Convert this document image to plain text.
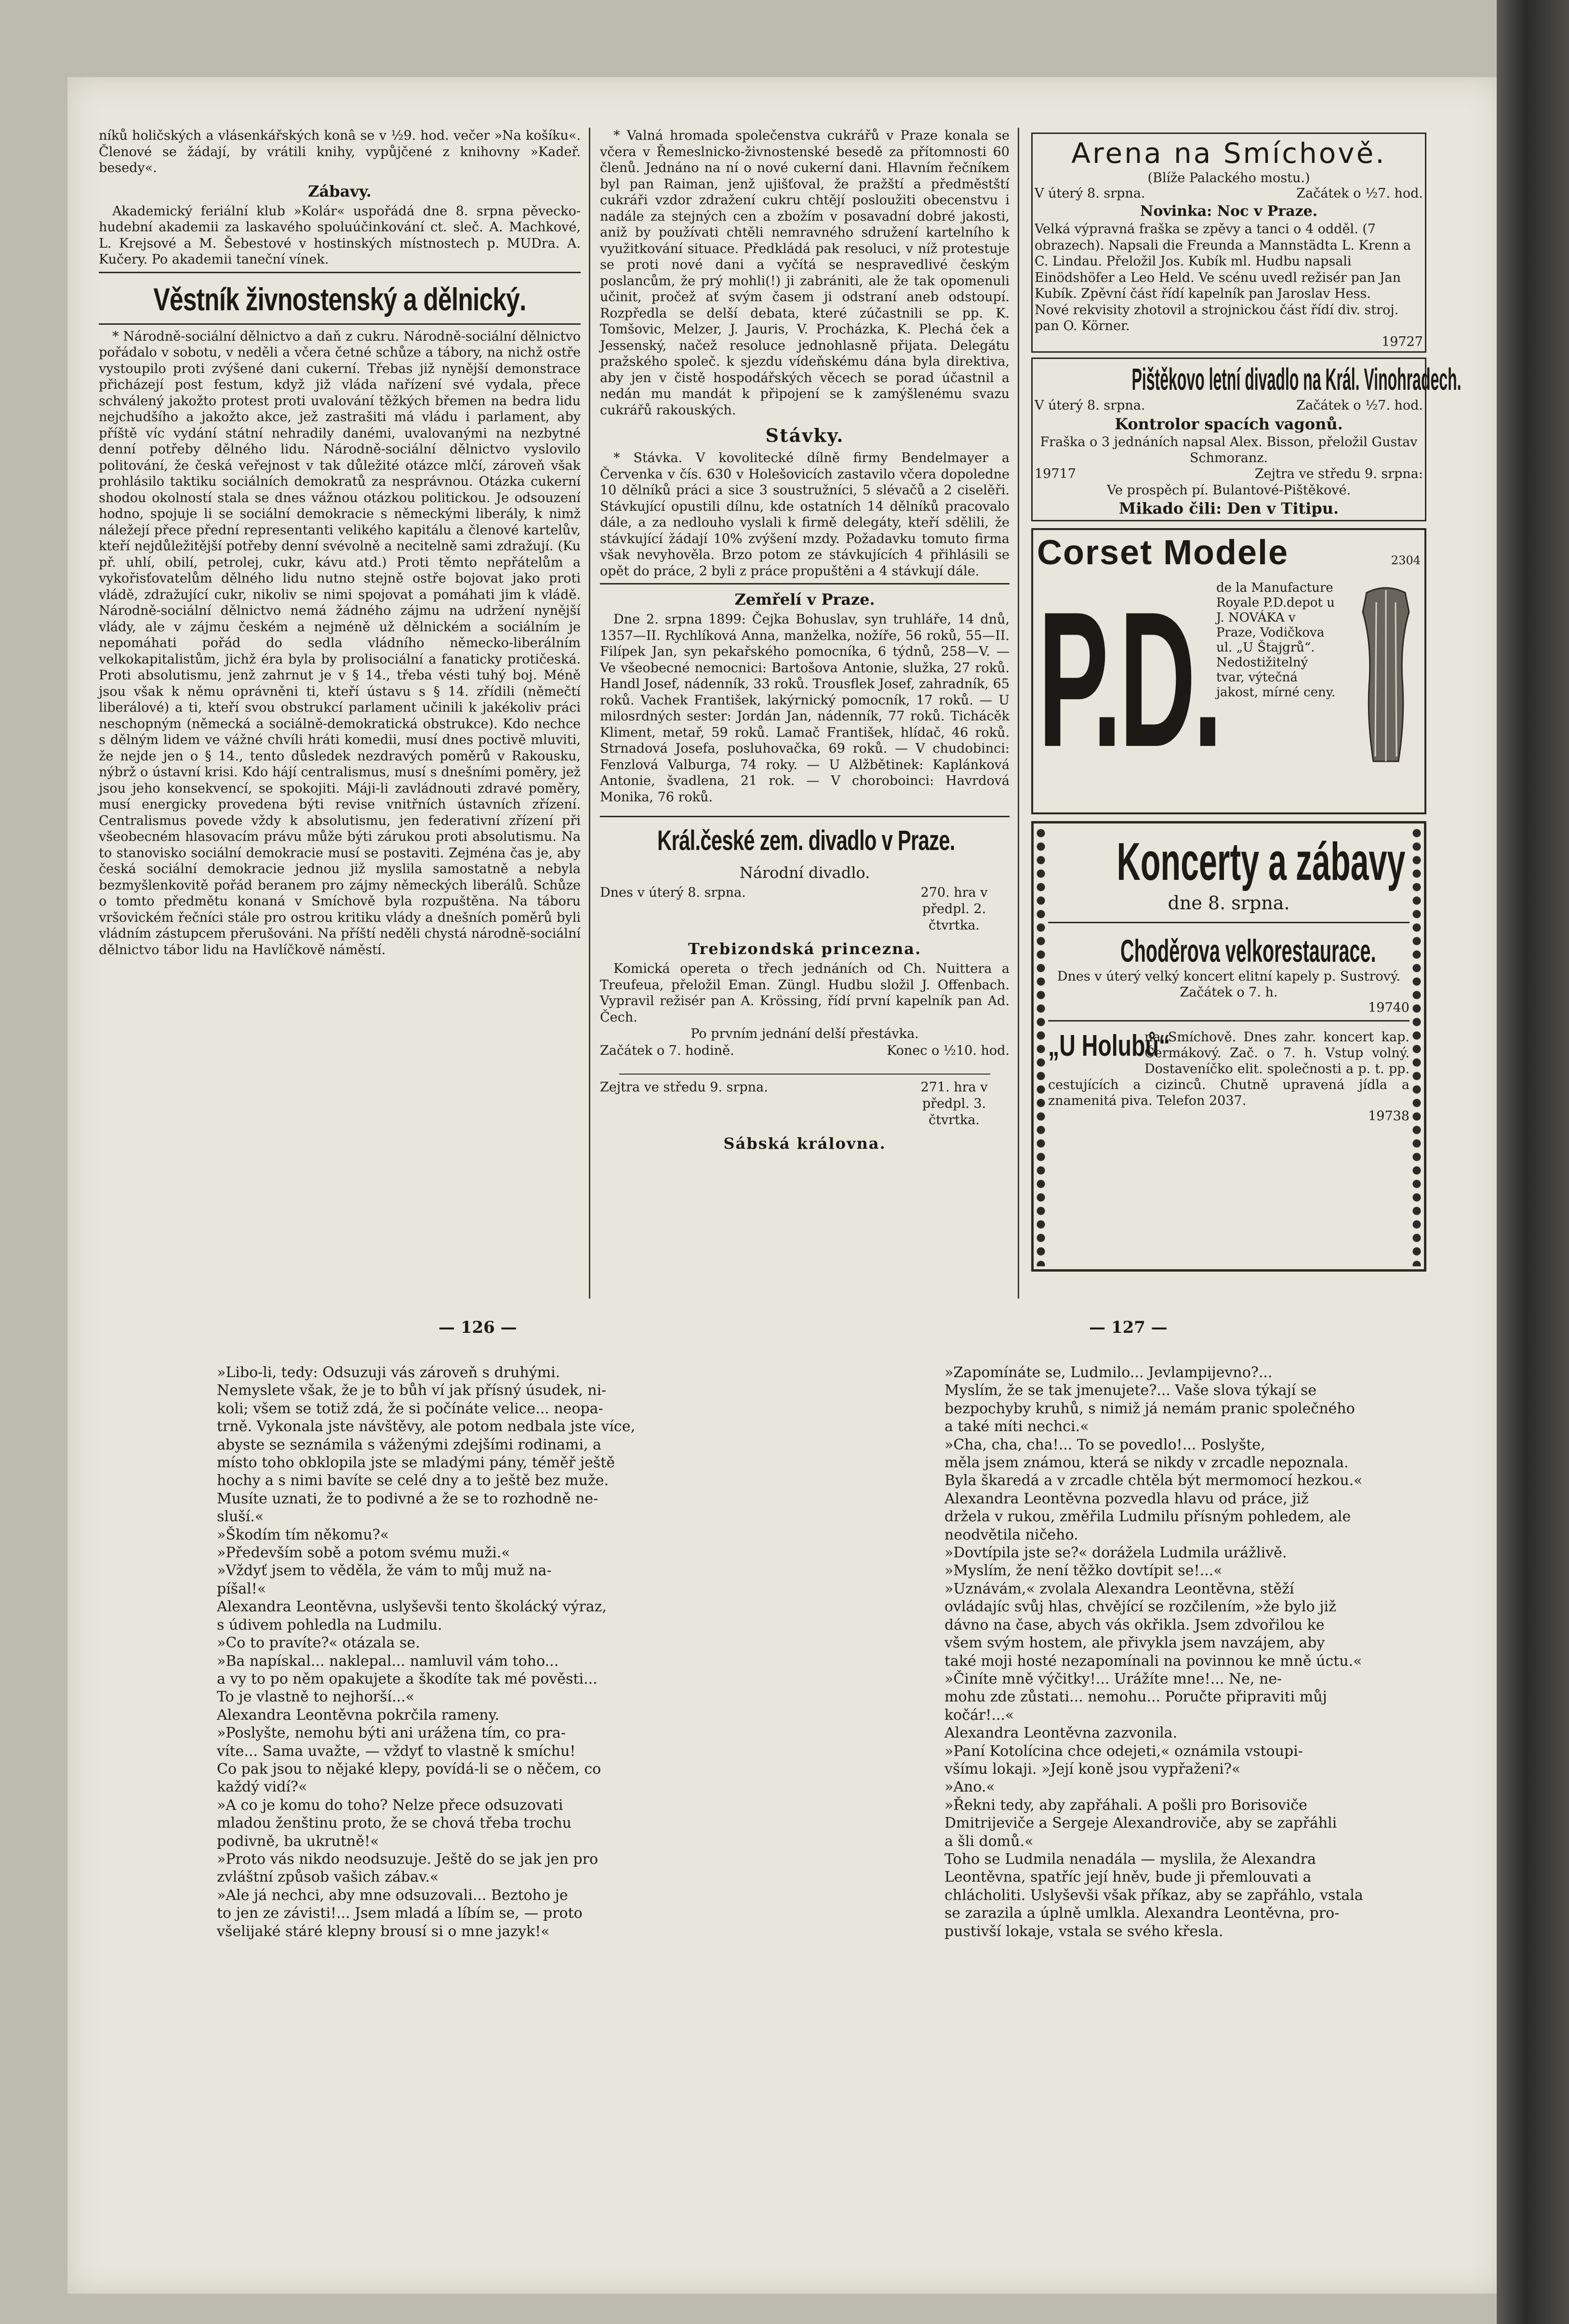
níků holičských a vlásenkářských konâ se v ½9. hod. večer »Na košíku«. Členové se žádají, by vrátili knihy, vypůjčené z knihovny »Kadeř. besedy«.

Zábavy.

Akademický feriální klub »Kolár« uspořádá dne 8. srpna pěvecko-hudební akademii za laskavého spoluúčinkování ct. sleč. A. Machkové, L. Krejsové a M. Šebestové v hostinských místnostech p. MUDra. A. Kučery. Po akademii taneční vínek.

Věstník živnostenský a dělnický.

* Národně-sociální dělnictvo a daň z cukru. Národně-sociální dělnictvo pořádalo v sobotu, v neděli a včera četné schůze a tábory, na nichž ostře vystoupilo proti zvýšené dani cukerní. Třebas již nynější demonstrace přicházejí post festum, když již vláda nařízení své vydala, přece schválený jakožto protest proti uvalování těžkých břemen na bedra lidu nejchudšího a jakožto akce, jež zastrašiti má vládu i parlament, aby příště víc vydání státní nehradily danémi, uvalovanými na nezbytné denní potřeby dělného lidu. Národně-sociální dělnictvo vyslovilo politování, že česká veřejnost v tak důležité otázce mlčí, zároveň však prohlásilo taktiku sociálních demokratů za nesprávnou. Otázka cukerní shodou okolností stala se dnes vážnou otázkou politickou. Je odsouzení hodno, spojuje li se sociální demokracie s německými liberály, k nimž náležejí přece přední representanti velikého kapitálu a členové kartelův, kteří nejdůležitější potřeby denní svévolně a necitelně sami zdražují. (Ku př. uhlí, obilí, petrolej, cukr, kávu atd.) Proti těmto nepřátelům a vykořisťovatelům dělného lidu nutno stejně ostře bojovat jako proti vládě, zdražující cukr, nikoliv se nimi spojovat a pomáhati jim k vládě. Národně-sociální dělnictvo nemá žádného zájmu na udržení nynější vlády, ale v zájmu českém a nejméně už dělnickém a sociálním je nepomáhati pořád do sedla vládního německo-liberálním velkokapitalistům, jichž éra byla by prolisociální a fanaticky protičeská. Proti absolutismu, jenž zahrnut je v § 14., třeba vésti tuhý boj. Méně jsou však k němu oprávněni ti, kteří ústavu s § 14. zřídili (němečtí liberálové) a ti, kteří svou obstrukcí parlament učinili k jakékoliv práci neschopným (německá a sociálně-demokratická obstrukce). Kdo nechce s dělným lidem ve vážné chvíli hráti komedii, musí dnes poctivě mluviti, že nejde jen o § 14., tento důsledek nezdravých poměrů v Rakousku, nýbrž o ústavní krisi. Kdo hájí centralismus, musí s dnešními poměry, jež jsou jeho konsekvencí, se spokojiti. Máji-li zavládnouti zdravé poměry, musí energicky provedena býti revise vnitřních ústavních zřízení. Centralismus povede vždy k absolutismu, jen federativní zřízení při všeobecném hlasovacím právu může býti zárukou proti absolutismu. Na to stanovisko sociální demokracie musí se postaviti. Zejména čas je, aby česká sociální demokracie jednou již myslila samostatně a nebyla bezmyšlenkovitě pořád beranem pro zájmy německých liberálů. Schůze o tomto předmětu konaná v Smíchově byla rozpuštěna. Na táboru vršovickém řečníci stále pro ostrou kritiku vlády a dnešních poměrů byli vládním zástupcem přerušováni. Na příští neděli chystá národně-sociální dělnictvo tábor lidu na Havlíčkově náměstí.

* Valná hromada společenstva cukrářů v Praze konala se včera v Řemeslnicko-živnostenské besedě za přítomnosti 60 členů. Jednáno na ní o nové cukerní dani. Hlavním řečníkem byl pan Raiman, jenž ujišťoval, že pražští a předměstští cukráři vzdor zdražení cukru chtějí posloužiti obecenstvu i nadále za stejných cen a zbožím v posavadní dobré jakosti, aniž by používati chtěli nemravného sdružení kartelního k využitkování situace. Předkládá pak resoluci, v níž protestuje se proti nové dani a vyčítá se nespravedlivé českým poslancům, že prý mohli(!) ji zabrániti, ale že tak opomenuli učinit, pročež ať svým časem ji odstraní aneb odstoupí. Rozpředla se delší debata, které zúčastnili se pp. K. Tomšovic, Melzer, J. Jauris, V. Procházka, K. Plechá ček a Jessenský, načež resoluce jednohlasně přijata. Delegátu pražského společ. k sjezdu vídeňskému dána byla direktiva, aby jen v čistě hospodářských věcech se porad účastnil a nedán mu mandát k připojení se k zamýšlenému svazu cukrářů rakouských.

Stávky.

* Stávka. V kovolitecké dílně firmy Bendelmayer a Červenka v čís. 630 v Holešovicích zastavilo včera dopoledne 10 dělníků práci a sice 3 soustružníci, 5 slévačů a 2 ciselěři. Stávkující opustili dílnu, kde ostatních 14 dělníků pracovalo dále, a za nedlouho vyslali k firmě delegáty, kteří sdělili, že stávkující žádají 10% zvýšení mzdy. Požadavku tomuto firma však nevyhověla. Brzo potom ze stávkujících 4 přihlásili se opět do práce, 2 byli z práce propuštěni a 4 stávkují dále.

Zemřelí v Praze.

Dne 2. srpna 1899: Čejka Bohuslav, syn truhláře, 14 dnů, 1357—II. Rychlíková Anna, manželka, nožíře, 56 roků, 55—II. Filípek Jan, syn pekařského pomocníka, 6 týdnů, 258—V. — Ve všeobecné nemocnici: Bartošova Antonie, služka, 27 roků. Handl Josef, nádenník, 33 roků. Trousflek Josef, zahradník, 65 roků. Vachek František, lakýrnický pomocník, 17 roků. — U milosrdných sester: Jordán Jan, nádenník, 77 roků. Tichácěk Kliment, metař, 59 roků. Lamač František, hlídač, 46 roků. Strnadová Josefa, posluhovačka, 69 roků. — V chudobinci: Fenzlová Valburga, 74 roky. — U Alžbětinek: Kaplánková Antonie, švadlena, 21 rok. — V choroboinci: Havrdová Monika, 76 roků.

Král.české zem. divadlo v Praze.
Národní divadlo.
Dnes v úterý 8. srpna.	270. hra v předpl. 2. čtvrtka.
Trebizondská princezna.

Komická opereta o třech jednáních od Ch. Nuittera a Treufeua, přeložil Eman. Züngl. Hudbu složil J. Offenbach. Vypravil režisér pan A. Krössing, řídí první kapelník pan Ad. Čech.

Po prvním jednání delší přestávka.
Začátek o 7. hodině.	Konec o ½10. hod.
Zejtra ve středu 9. srpna.	271. hra v předpl. 3. čtvrtka.
Sábská královna.
Arena na Smíchově.
(Blíže Palackého mostu.)
V úterý 8. srpna.	Začátek o ½7. hod.
Novinka: Noc v Praze.

Velká výpravná fraška se zpěvy a tanci o 4 odděl. (7 obrazech). Napsali die Freunda a Mannstädta L. Krenn a C. Lindau. Přeložil Jos. Kubík ml. Hudbu napsali Einödshöfer a Leo Held. Ve scénu uvedl režisér pan Jan Kubík. Zpěvní část řídí kapelník pan Jaroslav Hess.

Nové rekvisity zhotovil a strojnickou část řídí div. stroj. pan O. Körner.

19727
Pištěkovo letní divadlo na Král. Vinohradech.
V úterý 8. srpna.	Začátek o ½7. hod.
Kontrolor spacích vagonů.
Fraška o 3 jednáních napsal Alex. Bisson, přeložil Gustav Schmoranz.
19717	Zejtra ve středu 9. srpna:
Ve prospěch pí. Bulantové-Pištěkové.
Mikado čili: Den v Titipu.
Corset Modele	2304
P.D.
de la Manufacture Royale P.D.depot u J. NOVÁKA v Praze, Vodičkova ul. „U Štajgrů“. Nedostižitelný tvar, výtečná jakost, mírné ceny.
Koncerty a zábavy
dne 8. srpna.
Choděrova velkorestaurace.
Dnes v úterý velký koncert elitní kapely p. Sustrový. Začátek o 7. h.
19740
„U Holubů“
na Smíchově. Dnes zahr. koncert kap. Čermákový. Zač. o 7. h. Vstup volný. Dostaveníčko elit. společnosti a p. t. pp. cestujících a cizinců. Chutně upravená jídla a znamenitá piva. Telefon 2037.
19738
— 126 —	— 127 —
»Libo-li, tedy: Odsuzuji vás zároveň s druhými.
Nemyslete však, že je to bůh ví jak přísný úsudek, ni-
koli; všem se totiž zdá, že si počínáte velice... neopa-
trně. Vykonala jste návštěvy, ale potom nedbala jste více,
abyste se seznámila s váženými zdejšími rodinami, a
místo toho obklopila jste se mladými pány, téměř ještě
hochy a s nimi bavíte se celé dny a to ještě bez muže.
Musíte uznati, že to podivné a že se to rozhodně ne-
sluší.«
»Škodím tím někomu?«
»Především sobě a potom svému muži.«
»Vždyť jsem to věděla, že vám to můj muž na-
píšal!«
Alexandra Leontěvna, uslyševši tento školácký výraz,
s údivem pohledla na Ludmilu.
»Co to pravíte?« otázala se.
»Ba napískal... naklepal... namluvil vám toho...
a vy to po něm opakujete a škodíte tak mé pověsti...
To je vlastně to nejhorší...«
Alexandra Leontěvna pokrčila rameny.
»Poslyšte, nemohu býti ani urážena tím, co pra-
víte... Sama uvažte, — vždyť to vlastně k smíchu!
Co pak jsou to nějaké klepy, povídá-li se o něčem, co
každý vidí?«
»A co je komu do toho? Nelze přece odsuzovati
mladou ženštinu proto, že se chová třeba trochu
podivně, ba ukrutně!«
»Proto vás nikdo neodsuzuje. Ještě do se jak jen pro
zvláštní způsob vašich zábav.«
»Ale já nechci, aby mne odsuzovali... Beztoho je
to jen ze závisti!... Jsem mladá a líbím se, — proto
všelijaké stáré klepny brousí si o mne jazyk!«
»Zapomínáte se, Ludmilo... Jevlampijevno?...
Myslím, že se tak jmenujete?... Vaše slova týkají se
bezpochyby kruhů, s nimiž já nemám pranic společného
a také míti nechci.«
»Cha, cha, cha!... To se povedlo!... Poslyšte,
měla jsem známou, která se nikdy v zrcadle nepoznala.
Byla škaredá a v zrcadle chtěla být mermomocí hezkou.«
Alexandra Leontěvna pozvedla hlavu od práce, již
držela v rukou, změřila Ludmilu přísným pohledem, ale
neodvětila ničeho.
»Dovtípila jste se?« dorážela Ludmila urážlivě.
»Myslím, že není těžko dovtípit se!...«
»Uznávám,« zvolala Alexandra Leontěvna, stěží
ovládajíc svůj hlas, chvějící se rozčilením, »že bylo již
dávno na čase, abych vás okřikla. Jsem zdvořilou ke
všem svým hostem, ale přivykla jsem navzájem, aby
také moji hosté nezapomínali na povinnou ke mně úctu.«
»Činíte mně výčitky!... Urážíte mne!... Ne, ne-
mohu zde zůstati... nemohu... Poručte připraviti můj
kočár!...«
Alexandra Leontěvna zazvonila.
»Paní Kotolícina chce odejeti,« oznámila vstoupi-
všímu lokaji. »Její koně jsou vypřaženi?«
»Ano.«
»Řekni tedy, aby zapřáhali. A pošli pro Borisoviče
Dmitrijeviče a Sergeje Alexandroviče, aby se zapřáhli
a šli domů.«
Toho se Ludmila nenadála — myslila, že Alexandra
Leontěvna, spatříc její hněv, bude ji přemlouvati a
chlácholiti. Uslyševši však příkaz, aby se zapřáhlo, vstala
se zarazila a úplně umlkla. Alexandra Leontěvna, pro-
pustivší lokaje, vstala se svého křesla.
